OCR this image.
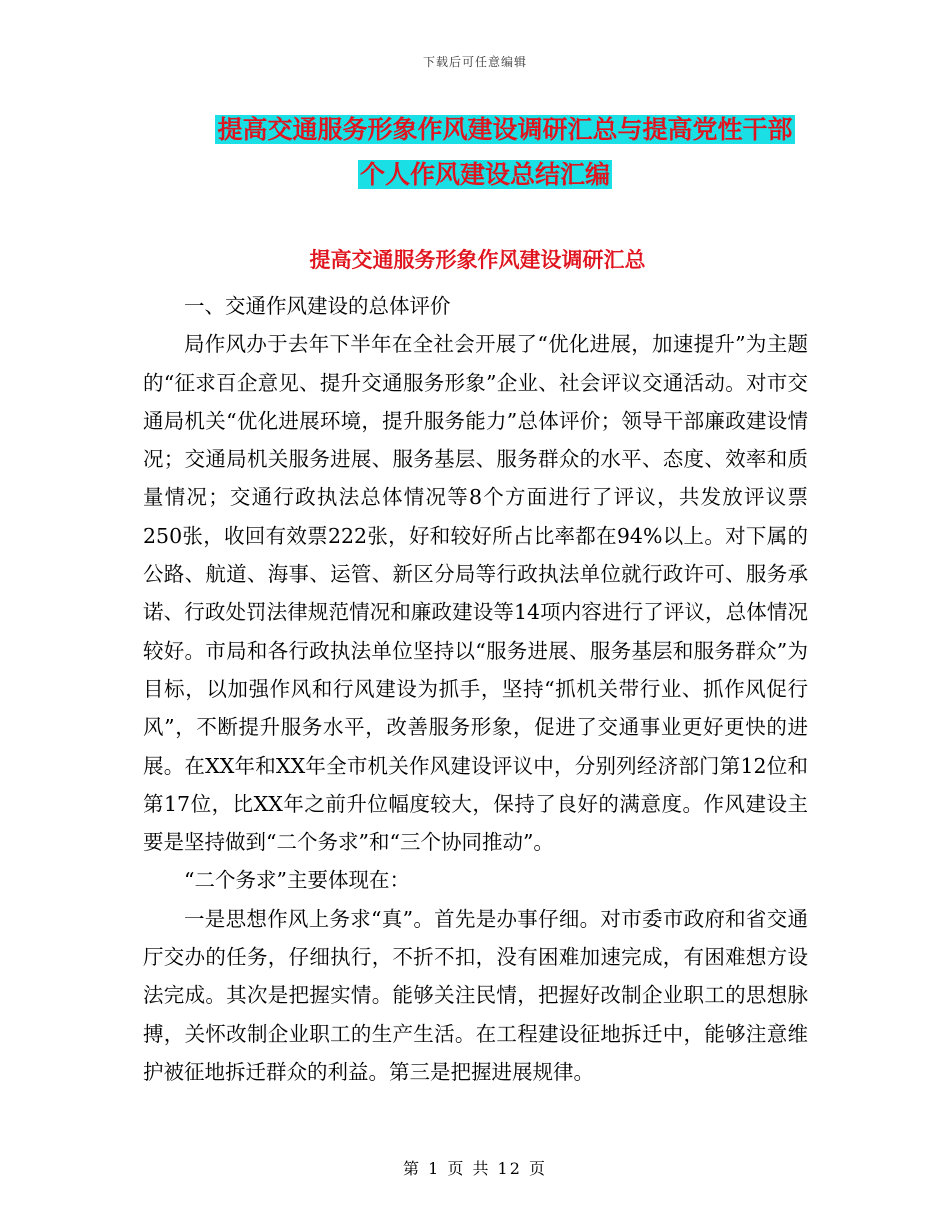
下载后可任意编辑
提高交通服务形象作风建设调研汇总与提高党性干部
个人作风建设总结汇编
提高交通服务形象作风建设调研汇总

一、交通作风建设的总体评价

局作风办于去年下半年在全社会开展了“优化进展，加速提升”为主题的“征求百企意见、提升交通服务形象”企业、社会评议交通活动。对市交通局机关“优化进展环境，提升服务能力”总体评价；领导干部廉政建设情况；交通局机关服务进展、服务基层、服务群众的水平、态度、效率和质量情况；交通行政执法总体情况等8个方面进行了评议，共发放评议票250张，收回有效票222张，好和较好所占比率都在94%以上。对下属的公路、航道、海事、运管、新区分局等行政执法单位就行政许可、服务承诺、行政处罚法律规范情况和廉政建设等14项内容进行了评议，总体情况较好。市局和各行政执法单位坚持以“服务进展、服务基层和服务群众”为目标，以加强作风和行风建设为抓手，坚持“抓机关带行业、抓作风促行风”，不断提升服务水平，改善服务形象，促进了交通事业更好更快的进展。在XX年和XX年全市机关作风建设评议中，分别列经济部门第12位和第17位，比XX年之前升位幅度较大，保持了良好的满意度。作风建设主要是坚持做到“二个务求”和“三个协同推动”。

“二个务求”主要体现在：

一是思想作风上务求“真”。首先是办事仔细。对市委市政府和省交通厅交办的任务，仔细执行，不折不扣，没有困难加速完成，有困难想方设法完成。其次是把握实情。能够关注民情，把握好改制企业职工的思想脉搏，关怀改制企业职工的生产生活。在工程建设征地拆迁中，能够注意维护被征地拆迁群众的利益。第三是把握进展规律。

第 1 页 共 12 页
